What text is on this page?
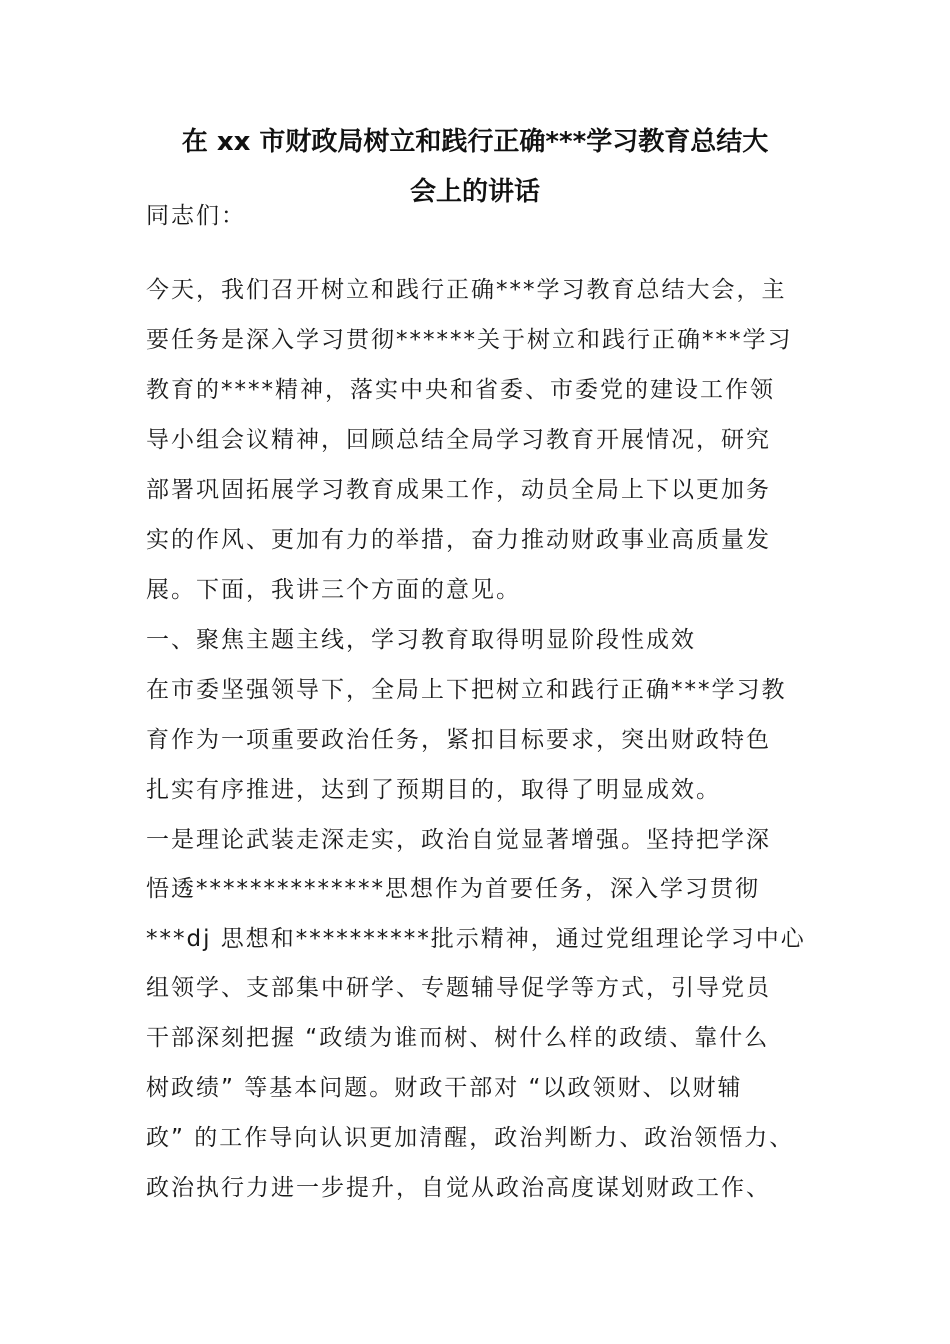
在 xx 市财政局树立和践行正确***学习教育总结大
会上的讲话
同志们：
今天，我们召开树立和践行正确***学习教育总结大会，主
要任务是深入学习贯彻******关于树立和践行正确***学习
教育的****精神，落实中央和省委、市委党的建设工作领
导小组会议精神，回顾总结全局学习教育开展情况，研究
部署巩固拓展学习教育成果工作，动员全局上下以更加务
实的作风、更加有力的举措，奋力推动财政事业高质量发
展。下面，我讲三个方面的意见。
一、聚焦主题主线，学习教育取得明显阶段性成效
在市委坚强领导下，全局上下把树立和践行正确***学习教
育作为一项重要政治任务，紧扣目标要求，突出财政特色
扎实有序推进，达到了预期目的，取得了明显成效。
一是理论武装走深走实，政治自觉显著增强。坚持把学深
悟透**************思想作为首要任务，深入学习贯彻
***dj 思想和**********批示精神，通过党组理论学习中心
组领学、支部集中研学、专题辅导促学等方式，引导党员
干部深刻把握 “政绩为谁而树、树什么样的政绩、靠什么
树政绩” 等基本问题。财政干部对 “以政领财、以财辅
政” 的工作导向认识更加清醒，政治判断力、政治领悟力、
政治执行力进一步提升，自觉从政治高度谋划财政工作、
